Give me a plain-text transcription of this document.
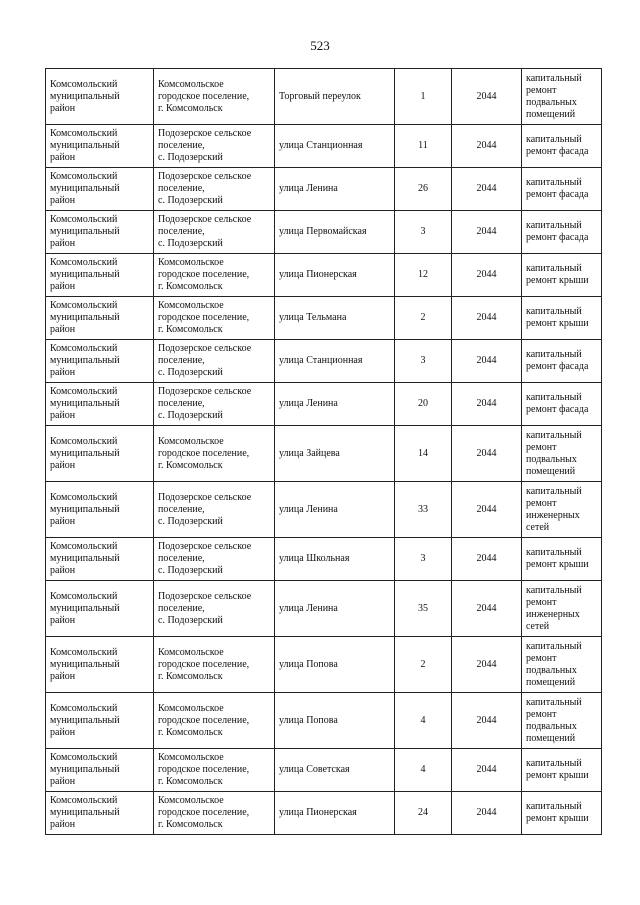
523
Комсомольский
муниципальный
район	Комсомольское
городское поселение,
г. Комсомольск	Торговый переулок	1	2044	капитальный
ремонт
подвальных
помещений

Комсомольский
муниципальный
район	Подозерское сельское
поселение,
с. Подозерский	улица Станционная	11	2044	капитальный
ремонт фасада

Комсомольский
муниципальный
район	Подозерское сельское
поселение,
с. Подозерский	улица Ленина	26	2044	капитальный
ремонт фасада

Комсомольский
муниципальный
район	Подозерское сельское
поселение,
с. Подозерский	улица Первомайская	3	2044	капитальный
ремонт фасада

Комсомольский
муниципальный
район	Комсомольское
городское поселение,
г. Комсомольск	улица Пионерская	12	2044	капитальный
ремонт крыши

Комсомольский
муниципальный
район	Комсомольское
городское поселение,
г. Комсомольск	улица Тельмана	2	2044	капитальный
ремонт крыши

Комсомольский
муниципальный
район	Подозерское сельское
поселение,
с. Подозерский	улица Станционная	3	2044	капитальный
ремонт фасада

Комсомольский
муниципальный
район	Подозерское сельское
поселение,
с. Подозерский	улица Ленина	20	2044	капитальный
ремонт фасада

Комсомольский
муниципальный
район	Комсомольское
городское поселение,
г. Комсомольск	улица Зайцева	14	2044	капитальный
ремонт
подвальных
помещений

Комсомольский
муниципальный
район	Подозерское сельское
поселение,
с. Подозерский	улица Ленина	33	2044	капитальный
ремонт
инженерных
сетей

Комсомольский
муниципальный
район	Подозерское сельское
поселение,
с. Подозерский	улица Школьная	3	2044	капитальный
ремонт крыши

Комсомольский
муниципальный
район	Подозерское сельское
поселение,
с. Подозерский	улица Ленина	35	2044	капитальный
ремонт
инженерных
сетей

Комсомольский
муниципальный
район	Комсомольское
городское поселение,
г. Комсомольск	улица Попова	2	2044	капитальный
ремонт
подвальных
помещений

Комсомольский
муниципальный
район	Комсомольское
городское поселение,
г. Комсомольск	улица Попова	4	2044	капитальный
ремонт
подвальных
помещений

Комсомольский
муниципальный
район	Комсомольское
городское поселение,
г. Комсомольск	улица Советская	4	2044	капитальный
ремонт крыши

Комсомольский
муниципальный
район	Комсомольское
городское поселение,
г. Комсомольск	улица Пионерская	24	2044	капитальный
ремонт крыши
